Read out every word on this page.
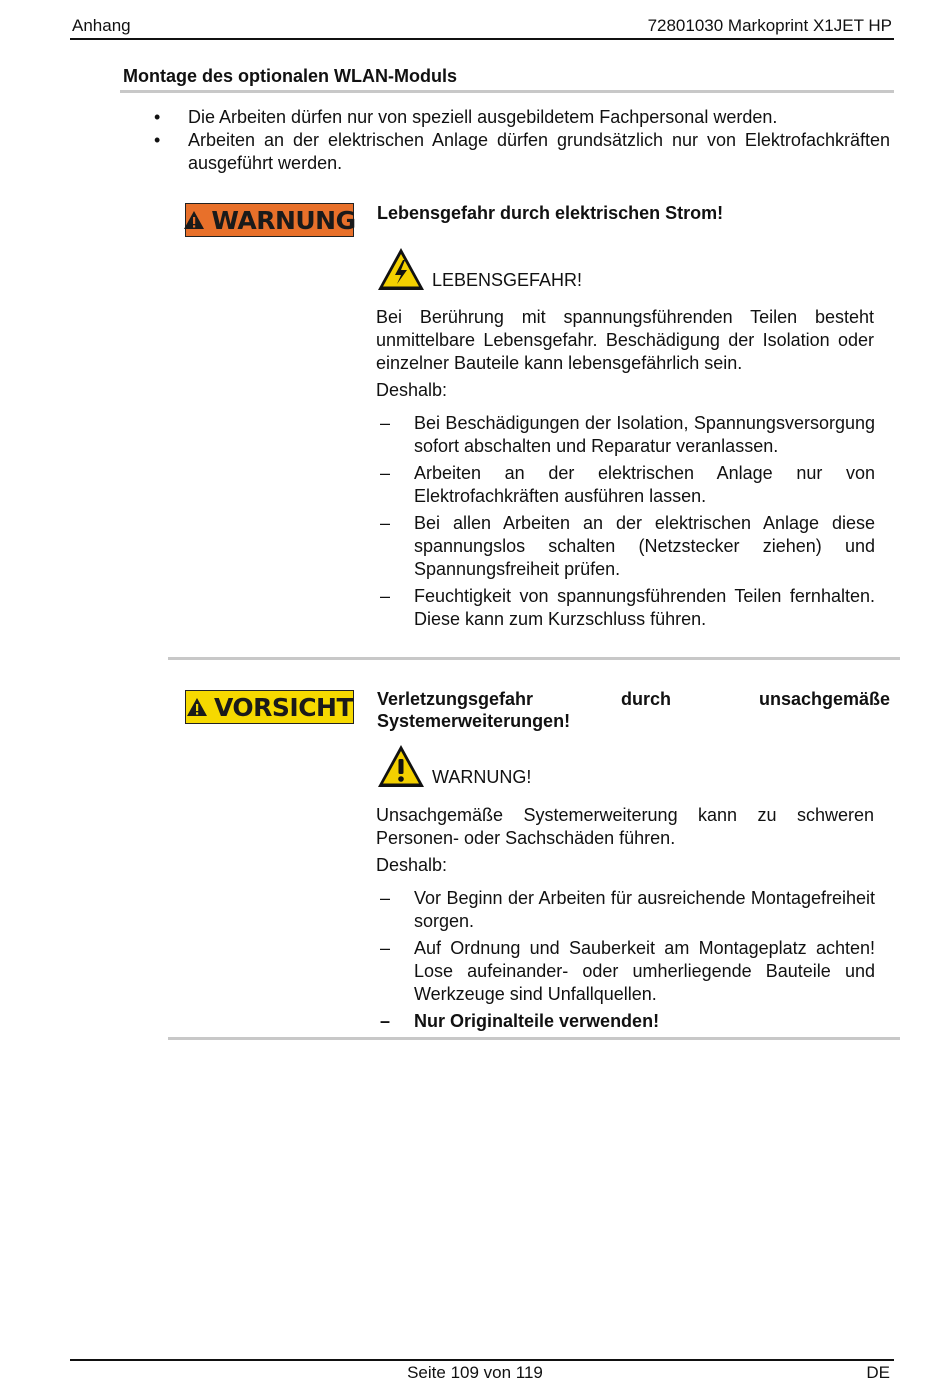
Anhang	72801030 Markoprint X1JET HP
Montage des optionalen WLAN-Moduls
• Die Arbeiten dürfen nur von speziell ausgebildetem Fachpersonal werden.
• Arbeiten an der elektrischen Anlage dürfen grundsätzlich nur von Elektrofachkräften ausgeführt werden.
WARNUNG Lebensgefahr durch elektrischen Strom!
LEBENSGEFAHR!
Bei Berührung mit spannungsführenden Teilen besteht unmittelbare Lebensgefahr. Beschädigung der Isolation oder einzelner Bauteile kann lebensgefährlich sein.
Deshalb:
– Bei Beschädigungen der Isolation, Spannungsversorgung sofort abschalten und Reparatur veranlassen.
– Arbeiten an der elektrischen Anlage nur von Elektrofachkräften ausführen lassen.
– Bei allen Arbeiten an der elektrischen Anlage diese spannungslos schalten (Netzstecker ziehen) und Spannungsfreiheit prüfen.
– Feuchtigkeit von spannungsführenden Teilen fernhalten. Diese kann zum Kurzschluss führen.
VORSICHT Verletzungsgefahr durch unsachgemäße Systemerweiterungen!
WARNUNG!
Unsachgemäße Systemerweiterung kann zu schweren Personen- oder Sachschäden führen.
Deshalb:
– Vor Beginn der Arbeiten für ausreichende Montagefreiheit sorgen.
– Auf Ordnung und Sauberkeit am Montageplatz achten! Lose aufeinander- oder umherliegende Bauteile und Werkzeuge sind Unfallquellen.
– Nur Originalteile verwenden!
Seite 109 von 119	DE
